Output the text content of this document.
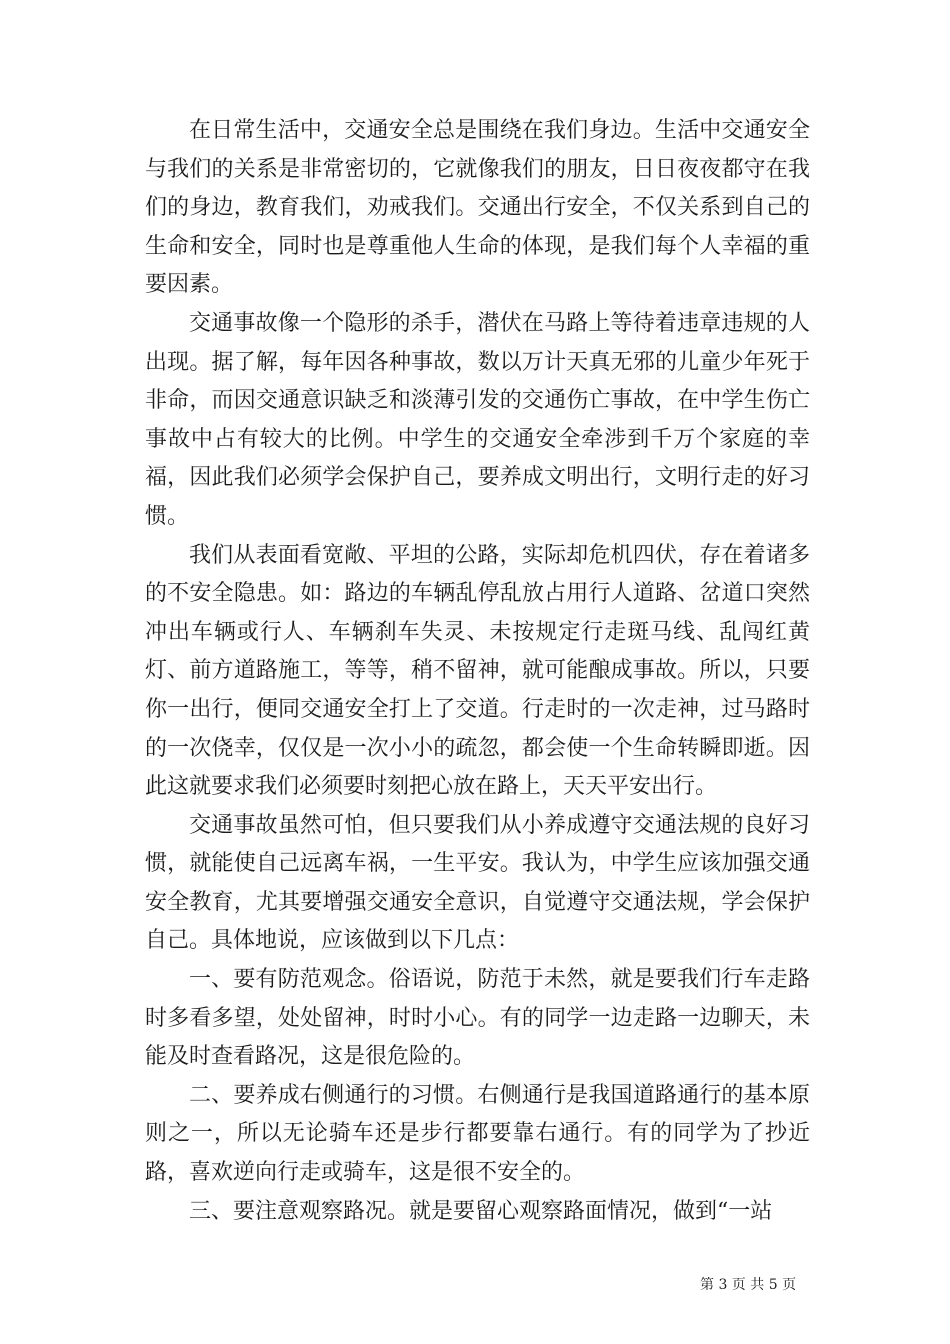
在日常生活中，交通安全总是围绕在我们身边。生活中交通安全与我们的关系是非常密切的，它就像我们的朋友，日日夜夜都守在我们的身边，教育我们，劝戒我们。交通出行安全，不仅关系到自己的生命和安全，同时也是尊重他人生命的体现，是我们每个人幸福的重要因素。

交通事故像一个隐形的杀手，潜伏在马路上等待着违章违规的人出现。据了解，每年因各种事故，数以万计天真无邪的儿童少年死于非命，而因交通意识缺乏和淡薄引发的交通伤亡事故，在中学生伤亡事故中占有较大的比例。中学生的交通安全牵涉到千万个家庭的幸福，因此我们必须学会保护自己，要养成文明出行，文明行走的好习惯。

我们从表面看宽敞、平坦的公路，实际却危机四伏，存在着诸多的不安全隐患。如：路边的车辆乱停乱放占用行人道路、岔道口突然冲出车辆或行人、车辆刹车失灵、未按规定行走斑马线、乱闯红黄灯、前方道路施工，等等，稍不留神，就可能酿成事故。所以，只要你一出行，便同交通安全打上了交道。行走时的一次走神，过马路时的一次侥幸，仅仅是一次小小的疏忽，都会使一个生命转瞬即逝。因此这就要求我们必须要时刻把心放在路上，天天平安出行。

交通事故虽然可怕，但只要我们从小养成遵守交通法规的良好习惯，就能使自己远离车祸，一生平安。我认为，中学生应该加强交通安全教育，尤其要增强交通安全意识，自觉遵守交通法规，学会保护自己。具体地说，应该做到以下几点：

一、要有防范观念。俗语说，防范于未然，就是要我们行车走路时多看多望，处处留神，时时小心。有的同学一边走路一边聊天，未能及时查看路况，这是很危险的。

二、要养成右侧通行的习惯。右侧通行是我国道路通行的基本原则之一，所以无论骑车还是步行都要靠右通行。有的同学为了抄近路，喜欢逆向行走或骑车，这是很不安全的。

三、要注意观察路况。就是要留心观察路面情况，做到“一站

第 3 页 共 5 页
